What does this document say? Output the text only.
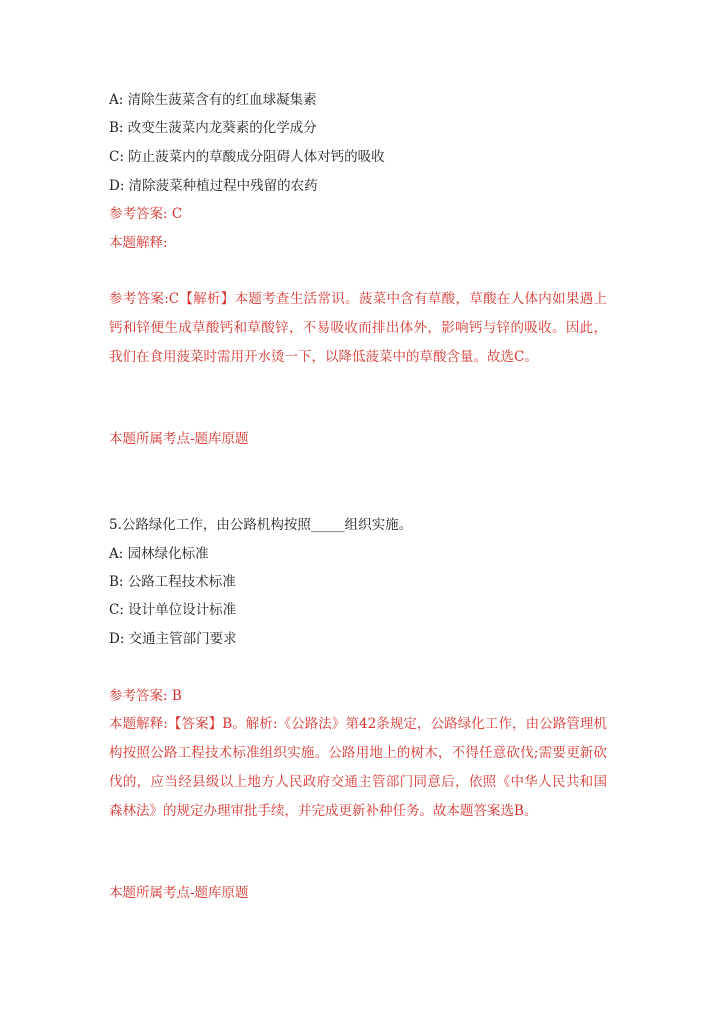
A: 清除生菠菜含有的红血球凝集素
B: 改变生菠菜内龙葵素的化学成分
C: 防止菠菜内的草酸成分阻碍人体对钙的吸收
D: 清除菠菜种植过程中残留的农药
参考答案: C
本题解释:
参考答案:C【解析】本题考查生活常识。菠菜中含有草酸，草酸在人体内如果遇上钙和锌便生成草酸钙和草酸锌，不易吸收而排出体外，影响钙与锌的吸收。因此，我们在食用菠菜时需用开水烫一下，以降低菠菜中的草酸含量。故选C。
本题所属考点-题库原题
5.公路绿化工作，由公路机构按照_____组织实施。
A: 园林绿化标准
B: 公路工程技术标准
C: 设计单位设计标准
D: 交通主管部门要求
参考答案: B
本题解释:【答案】B。解析:《公路法》第42条规定，公路绿化工作，由公路管理机构按照公路工程技术标准组织实施。公路用地上的树木，不得任意砍伐;需要更新砍伐的，应当经县级以上地方人民政府交通主管部门同意后，依照《中华人民共和国森林法》的规定办理审批手续，并完成更新补种任务。故本题答案选B。
本题所属考点-题库原题
